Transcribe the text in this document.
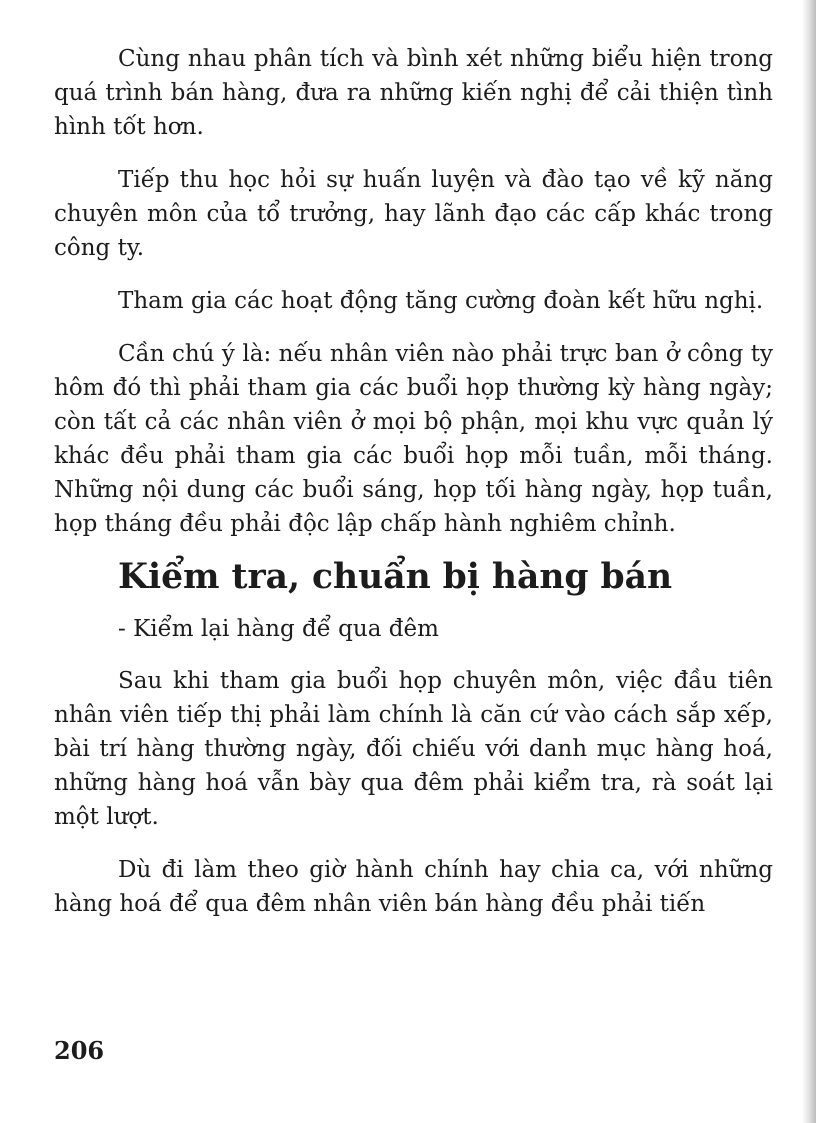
Cùng nhau phân tích và bình xét những biểu hiện trong quá trình bán hàng, đưa ra những kiến nghị để cải thiện tình hình tốt hơn.

Tiếp thu học hỏi sự huấn luyện và đào tạo về kỹ năng chuyên môn của tổ trưởng, hay lãnh đạo các cấp khác trong công ty.

Tham gia các hoạt động tăng cường đoàn kết hữu nghị.

Cần chú ý là: nếu nhân viên nào phải trực ban ở công ty hôm đó thì phải tham gia các buổi họp thường kỳ hàng ngày; còn tất cả các nhân viên ở mọi bộ phận, mọi khu vực quản lý khác đều phải tham gia các buổi họp mỗi tuần, mỗi tháng. Những nội dung các buổi sáng, họp tối hàng ngày, họp tuần, họp tháng đều phải độc lập chấp hành nghiêm chỉnh.

Kiểm tra, chuẩn bị hàng bán

- Kiểm lại hàng để qua đêm

Sau khi tham gia buổi họp chuyên môn, việc đầu tiên nhân viên tiếp thị phải làm chính là căn cứ vào cách sắp xếp, bài trí hàng thường ngày, đối chiếu với danh mục hàng hoá, những hàng hoá vẫn bày qua đêm phải kiểm tra, rà soát lại một lượt.

Dù đi làm theo giờ hành chính hay chia ca, với những hàng hoá để qua đêm nhân viên bán hàng đều phải tiến

206
